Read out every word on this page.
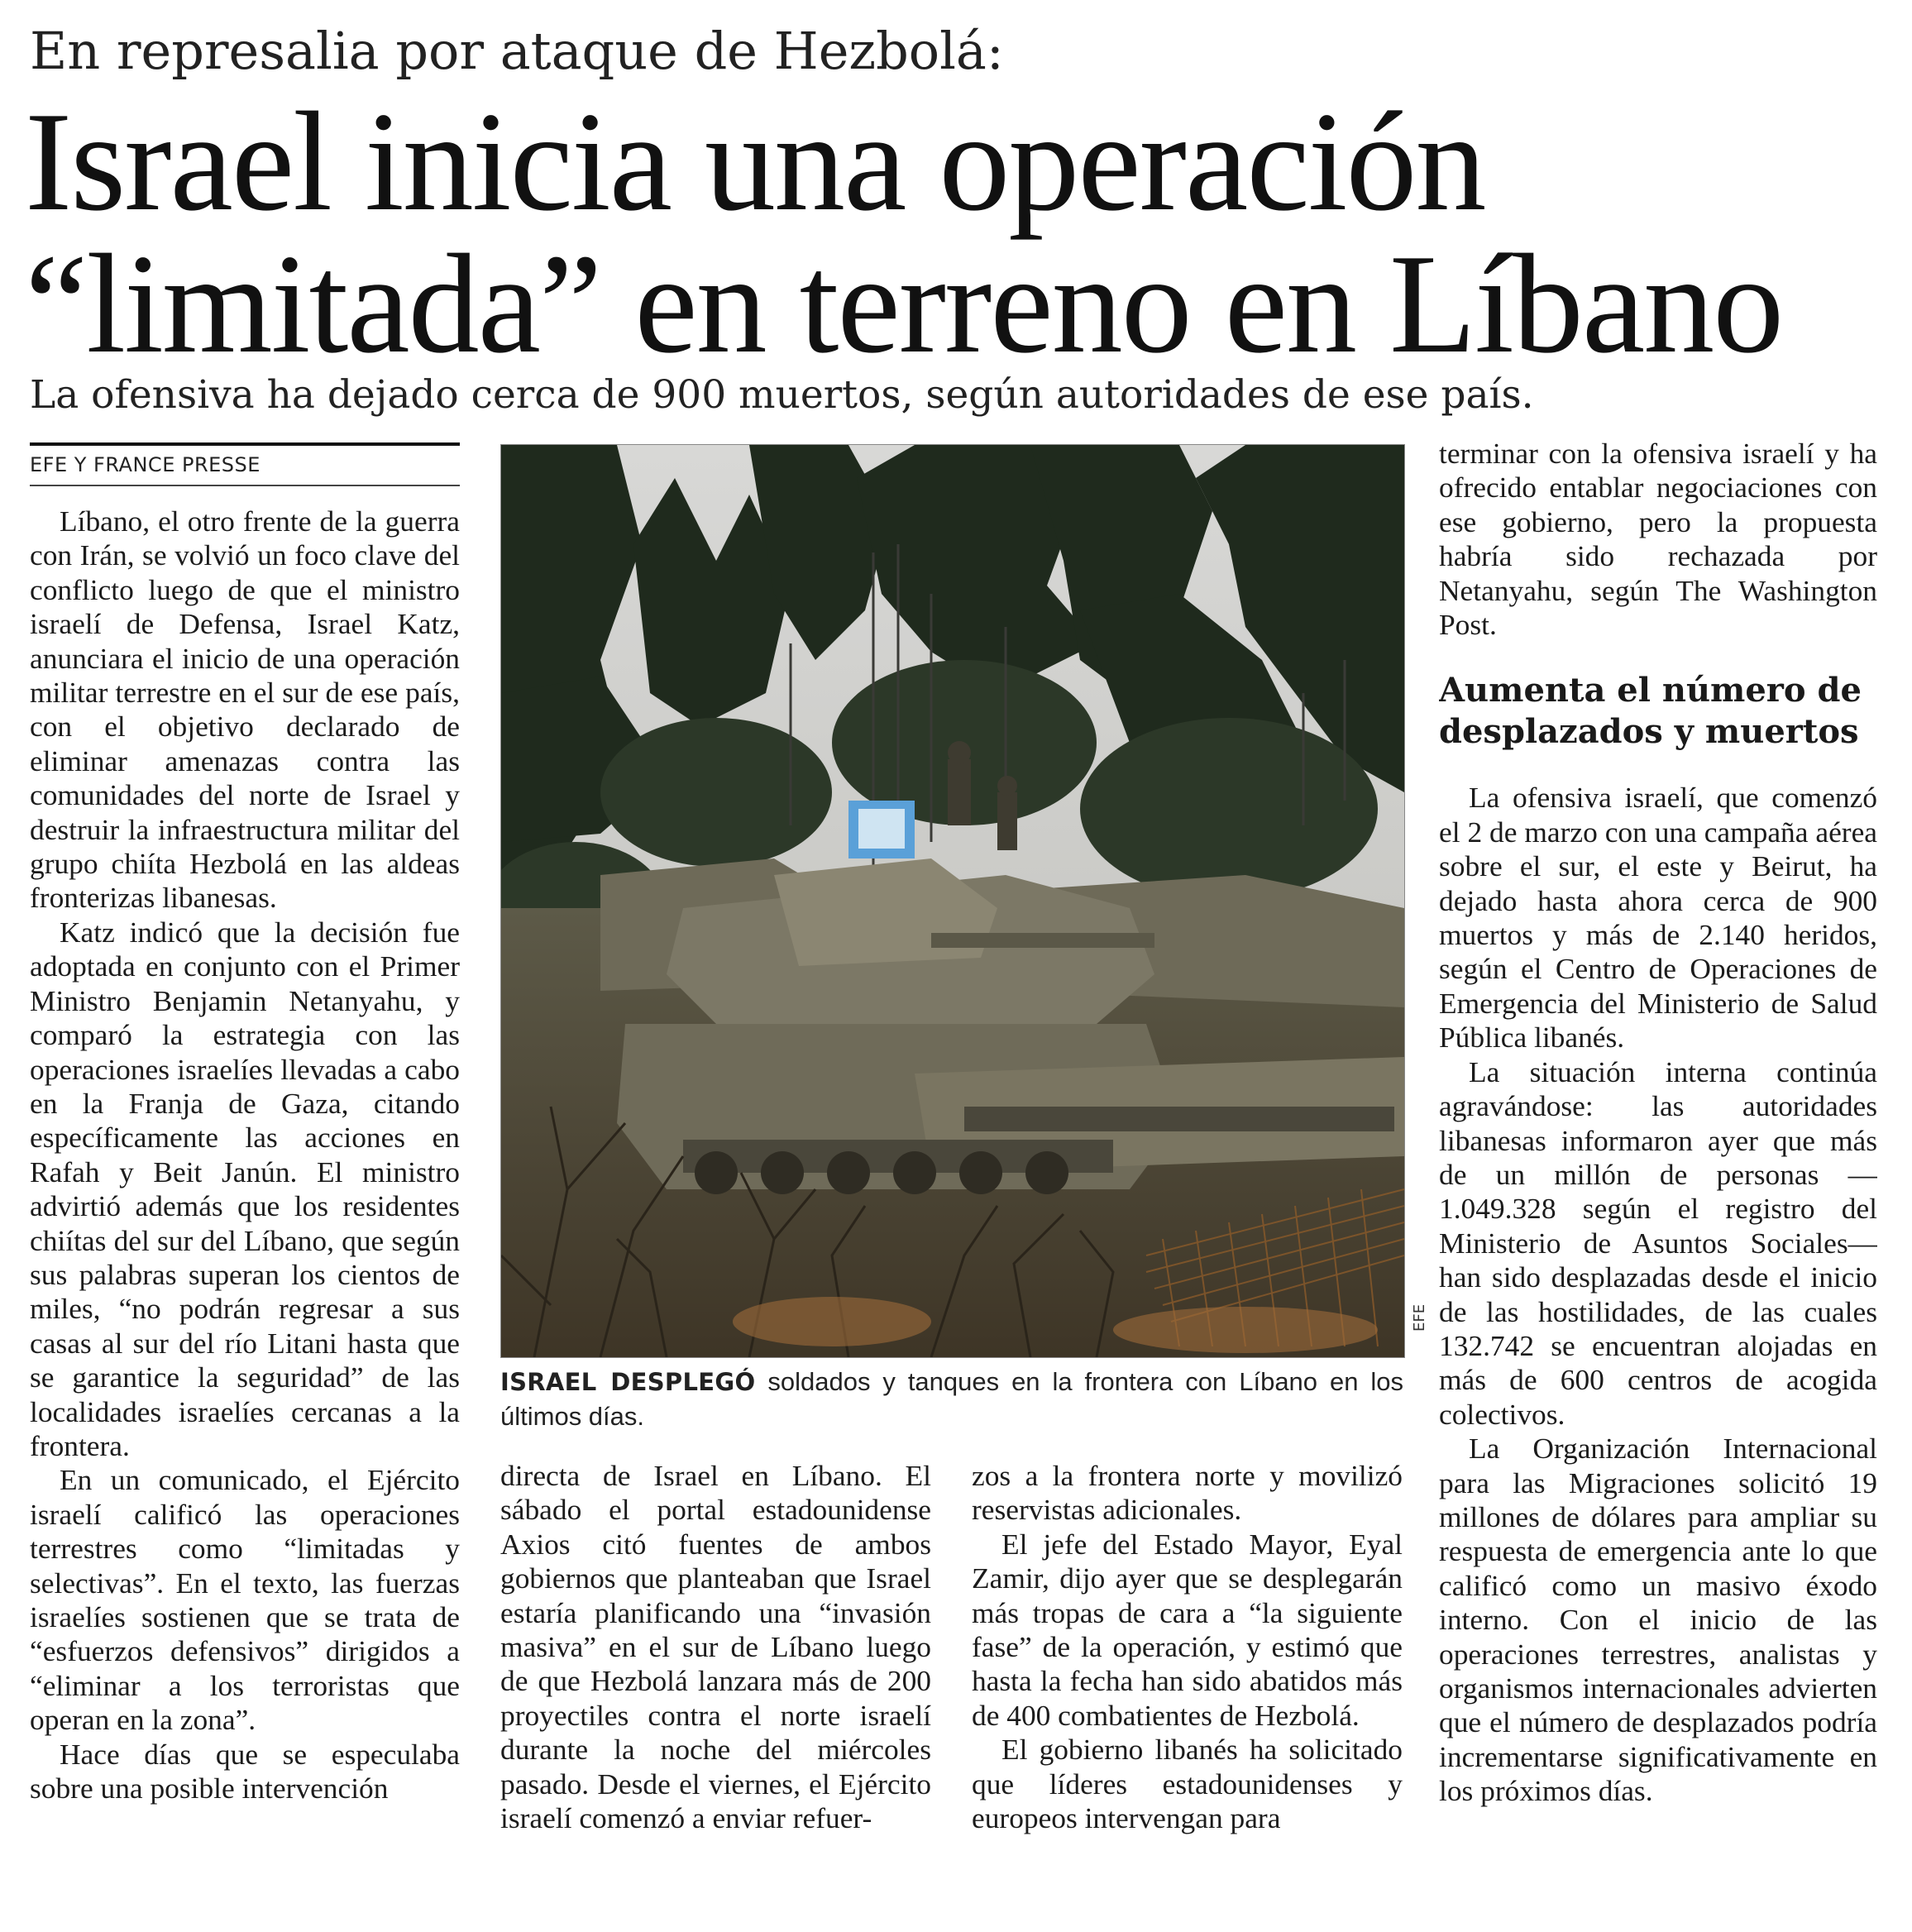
En represalia por ataque de Hezbolá:
Israel inicia una operación
“limitada” en terreno en Líbano
La ofensiva ha dejado cerca de 900 muertos, según autoridades de ese país.
EFE Y FRANCE PRESSE

Líbano, el otro frente de la guerra con Irán, se volvió un foco clave del conflicto luego de que el ministro israelí de Defensa, Israel Katz, anunciara el inicio de una operación militar terrestre en el sur de ese país, con el objetivo declarado de eliminar amenazas contra las comunidades del norte de Israel y destruir la infraestructura militar del grupo chiíta Hezbolá en las aldeas fronterizas libanesas.

Katz indicó que la decisión fue adoptada en conjunto con el Primer Ministro Benjamin Netanyahu, y comparó la estrategia con las operaciones israelíes llevadas a cabo en la Franja de Gaza, citando específicamente las acciones en Rafah y Beit Janún. El ministro advirtió además que los residentes chiítas del sur del Líbano, que según sus palabras superan los cientos de miles, “no podrán regresar a sus casas al sur del río Litani hasta que se garantice la seguridad” de las localidades israelíes cercanas a la frontera.

En un comunicado, el Ejército israelí calificó las operaciones terrestres como “limitadas y selectivas”. En el texto, las fuerzas israelíes sostienen que se trata de “esfuerzos defensivos” dirigidos a “eliminar a los terroristas que operan en la zona”.

Hace días que se especulaba sobre una posible intervención

EFE
ISRAEL DESPLEGÓ soldados y tanques en la frontera con Líbano en los últimos días.

directa de Israel en Líbano. El sábado el portal estadounidense Axios citó fuentes de ambos gobiernos que planteaban que Israel estaría planificando una “invasión masiva” en el sur de Líbano luego de que Hezbolá lanzara más de 200 proyectiles contra el norte israelí durante la noche del miércoles pasado. Desde el viernes, el Ejército israelí comenzó a enviar refuer-

zos a la frontera norte y movilizó reservistas adicionales.

El jefe del Estado Mayor, Eyal Zamir, dijo ayer que se desplegarán más tropas de cara a “la siguiente fase” de la operación, y estimó que hasta la fecha han sido abatidos más de 400 combatientes de Hezbolá.

El gobierno libanés ha solicitado que líderes estadounidenses y europeos intervengan para

terminar con la ofensiva israelí y ha ofrecido entablar negociaciones con ese gobierno, pero la propuesta habría sido rechazada por Netanyahu, según The Washington Post.

Aumenta el número de desplazados y muertos

La ofensiva israelí, que comenzó el 2 de marzo con una campaña aérea sobre el sur, el este y Beirut, ha dejado hasta ahora cerca de 900 muertos y más de 2.140 heridos, según el Centro de Operaciones de Emergencia del Ministerio de Salud Pública libanés.

La situación interna continúa agravándose: las autoridades libanesas informaron ayer que más de un millón de personas —1.049.328 según el registro del Ministerio de Asuntos Sociales— han sido desplazadas desde el inicio de las hostilidades, de las cuales 132.742 se encuentran alojadas en más de 600 centros de acogida colectivos.

La Organización Internacional para las Migraciones solicitó 19 millones de dólares para ampliar su respuesta de emergencia ante lo que calificó como un masivo éxodo interno. Con el inicio de las operaciones terrestres, analistas y organismos internacionales advierten que el número de desplazados podría incrementarse significativamente en los próximos días.
